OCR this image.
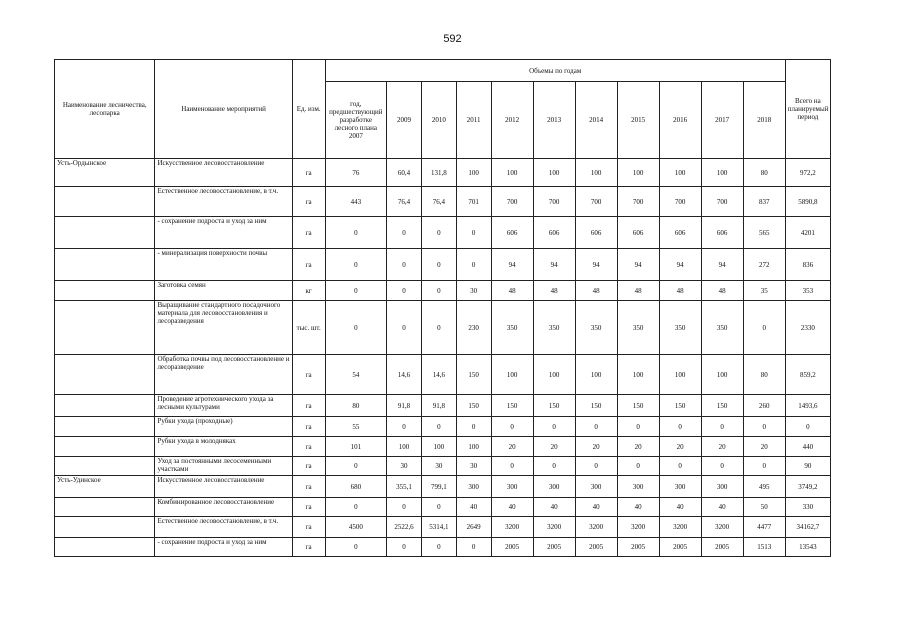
592
Наименование лесничества, лесопарка	Наименование мероприятий	Ед. изм.	Объемы по годам											Всего на планируемый период
			год, предшествующий разработке лесного плана 2007	2009	2010	2011	2012	2013	2014	2015	2016	2017	2018	
Усть-Ордынское	Искусственное лесовосстановление	га	76	60,4	131,8	100	100	100	100	100	100	100	80	972,2
	Естественное лесовосстановление, в т.ч.	га	443	76,4	76,4	701	700	700	700	700	700	700	837	5890,8
	- сохранение подроста и уход за ним	га	0	0	0	0	606	606	606	606	606	606	565	4201
	- минерализация поверхности почвы	га	0	0	0	0	94	94	94	94	94	94	272	836
	Заготовка семян	кг	0	0	0	30	48	48	48	48	48	48	35	353
	Выращивание стандартного посадочного материала для лесовосстановления и лесоразведения	тыс. шт.	0	0	0	230	350	350	350	350	350	350	0	2330
	Обработка почвы под лесовосстановление и лесоразведение	га	54	14,6	14,6	150	100	100	100	100	100	100	80	859,2
	Проведение агротехнического ухода за лесными культурами	га	80	91,8	91,8	150	150	150	150	150	150	150	260	1493,6
	Рубки ухода (проходные)	га	55	0	0	0	0	0	0	0	0	0	0	0
	Рубки ухода в молодняках	га	101	100	100	100	20	20	20	20	20	20	20	440
	Уход за постоянными лесосеменными участками	га	0	30	30	30	0	0	0	0	0	0	0	90
Усть-Удинское	Искусственное лесовосстановление	га	680	355,1	799,1	300	300	300	300	300	300	300	495	3749,2
	Комбинированное лесовосстановление	га	0	0	0	40	40	40	40	40	40	40	50	330
	Естественное лесовосстановление, в т.ч.	га	4500	2522,6	5314,1	2649	3200	3200	3200	3200	3200	3200	4477	34162,7
	- сохранение подроста и уход за ним	га	0	0	0	0	2005	2005	2005	2005	2005	2005	1513	13543
